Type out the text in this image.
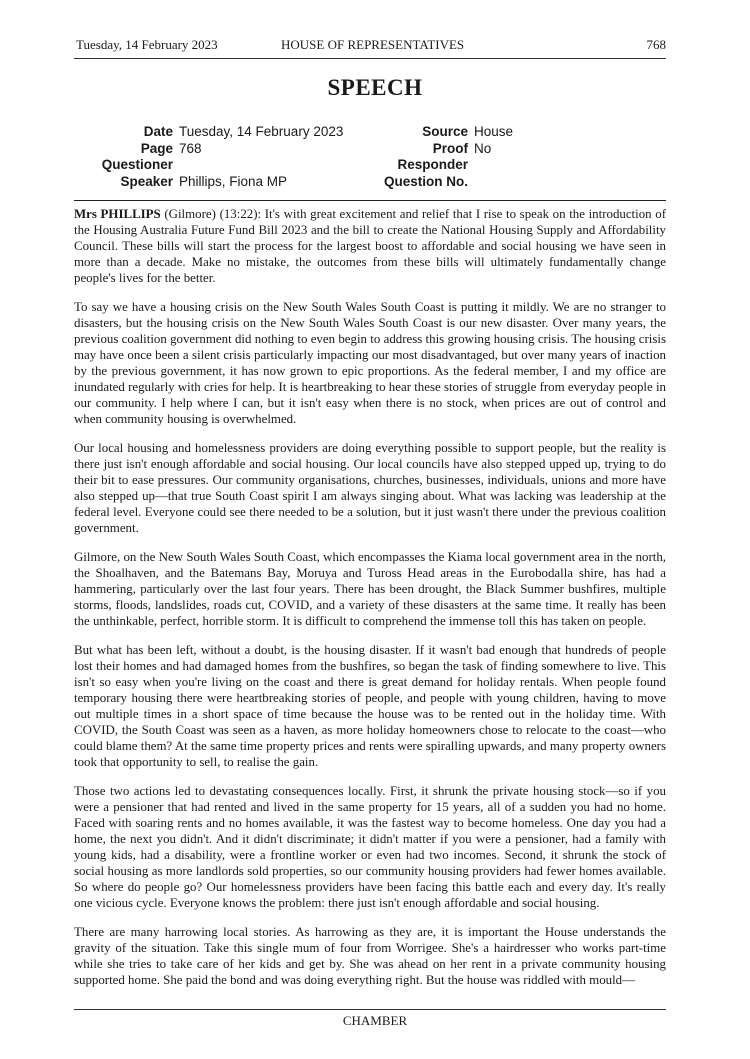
Tuesday, 14 February 2023	HOUSE OF REPRESENTATIVES	768
SPEECH
Date Tuesday, 14 February 2023
Page 768
Questioner
Speaker Phillips, Fiona MP
Source House
Proof No
Responder
Question No.

Mrs PHILLIPS (Gilmore) (13:22): It's with great excitement and relief that I rise to speak on the introduction of the Housing Australia Future Fund Bill 2023 and the bill to create the National Housing Supply and Affordability Council. These bills will start the process for the largest boost to affordable and social housing we have seen in more than a decade. Make no mistake, the outcomes from these bills will ultimately fundamentally change people's lives for the better.

To say we have a housing crisis on the New South Wales South Coast is putting it mildly. We are no stranger to disasters, but the housing crisis on the New South Wales South Coast is our new disaster. Over many years, the previous coalition government did nothing to even begin to address this growing housing crisis. The housing crisis may have once been a silent crisis particularly impacting our most disadvantaged, but over many years of inaction by the previous government, it has now grown to epic proportions. As the federal member, I and my office are inundated regularly with cries for help. It is heartbreaking to hear these stories of struggle from everyday people in our community. I help where I can, but it isn't easy when there is no stock, when prices are out of control and when community housing is overwhelmed.

Our local housing and homelessness providers are doing everything possible to support people, but the reality is there just isn't enough affordable and social housing. Our local councils have also stepped upped up, trying to do their bit to ease pressures. Our community organisations, churches, businesses, individuals, unions and more have also stepped up—that true South Coast spirit I am always singing about. What was lacking was leadership at the federal level. Everyone could see there needed to be a solution, but it just wasn't there under the previous coalition government.

Gilmore, on the New South Wales South Coast, which encompasses the Kiama local government area in the north, the Shoalhaven, and the Batemans Bay, Moruya and Tuross Head areas in the Eurobodalla shire, has had a hammering, particularly over the last four years. There has been drought, the Black Summer bushfires, multiple storms, floods, landslides, roads cut, COVID, and a variety of these disasters at the same time. It really has been the unthinkable, perfect, horrible storm. It is difficult to comprehend the immense toll this has taken on people.

But what has been left, without a doubt, is the housing disaster. If it wasn't bad enough that hundreds of people lost their homes and had damaged homes from the bushfires, so began the task of finding somewhere to live. This isn't so easy when you're living on the coast and there is great demand for holiday rentals. When people found temporary housing there were heartbreaking stories of people, and people with young children, having to move out multiple times in a short space of time because the house was to be rented out in the holiday time. With COVID, the South Coast was seen as a haven, as more holiday homeowners chose to relocate to the coast—who could blame them? At the same time property prices and rents were spiralling upwards, and many property owners took that opportunity to sell, to realise the gain.

Those two actions led to devastating consequences locally. First, it shrunk the private housing stock—so if you were a pensioner that had rented and lived in the same property for 15 years, all of a sudden you had no home. Faced with soaring rents and no homes available, it was the fastest way to become homeless. One day you had a home, the next you didn't. And it didn't discriminate; it didn't matter if you were a pensioner, had a family with young kids, had a disability, were a frontline worker or even had two incomes. Second, it shrunk the stock of social housing as more landlords sold properties, so our community housing providers had fewer homes available. So where do people go? Our homelessness providers have been facing this battle each and every day. It's really one vicious cycle. Everyone knows the problem: there just isn't enough affordable and social housing.

There are many harrowing local stories. As harrowing as they are, it is important the House understands the gravity of the situation. Take this single mum of four from Worrigee. She's a hairdresser who works part-time while she tries to take care of her kids and get by. She was ahead on her rent in a private community housing supported home. She paid the bond and was doing everything right. But the house was riddled with mould—

CHAMBER
